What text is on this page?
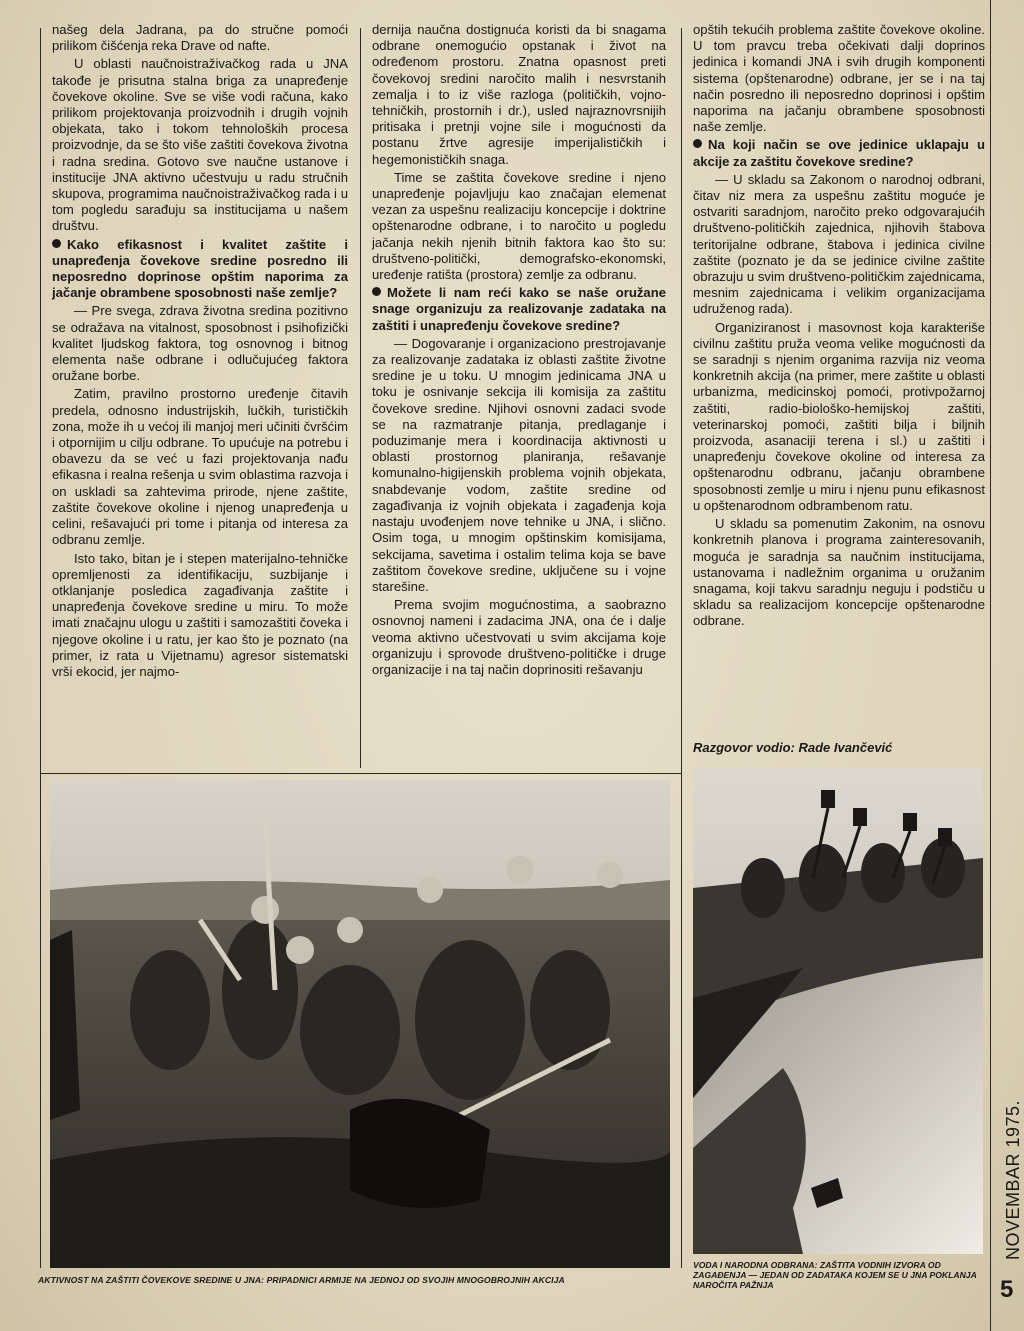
našeg dela Jadrana, pa do stručne pomoći prilikom čišćenja reka Drave od nafte.

U oblasti naučnoistraživačkog rada u JNA takođe je prisutna stalna briga za unapređenje čovekove okoline. Sve se više vodi računa, kako prilikom projektovanja proizvodnih i drugih vojnih objekata, tako i tokom tehnoloških procesa proizvodnje, da se što više zaštiti čovekova životna i radna sredina. Gotovo sve naučne ustanove i institucije JNA aktivno učestvuju u radu stručnih skupova, programima naučnoistraživačkog rada i u tom pogledu sarađuju sa institucijama u našem društvu.

Kako efikasnost i kvalitet zaštite i unapređenja čovekove sredine posredno ili neposredno doprinose opštim naporima za jačanje obrambene sposobnosti naše zemlje?

— Pre svega, zdrava životna sredina pozitivno se odražava na vitalnost, sposobnost i psihofizički kvalitet ljudskog faktora, tog osnovnog i bitnog elementa naše odbrane i odlučujućeg faktora oružane borbe.

Zatim, pravilno prostorno uređenje čitavih predela, odnosno industrijskih, lučkih, turističkih zona, može ih u većoj ili manjoj meri učiniti čvršćim i otpornijim u cilju odbrane. To upućuje na potrebu i obavezu da se već u fazi projektovanja nađu efikasna i realna rešenja u svim oblastima razvoja i on uskladi sa zahtevima prirode, njene zaštite, zaštite čovekove okoline i njenog unapređenja u celini, rešavajući pri tome i pitanja od interesa za odbranu zemlje.

Isto tako, bitan je i stepen materijalno-tehničke opremljenosti za identifikaciju, suzbijanje i otklanjanje posledica zagađivanja zaštite i unapređenja čovekove sredine u miru. To može imati značajnu ulogu u zaštiti i samozaštiti čoveka i njegove okoline i u ratu, jer kao što je poznato (na primer, iz rata u Vijetnamu) agresor sistematski vrši ekocid, jer najmo-

dernija naučna dostignuća koristi da bi snagama odbrane onemogućio opstanak i život na određenom prostoru. Znatna opasnost preti čovekovoj sredini naročito malih i nesvrstanih zemalja i to iz više razloga (političkih, vojno-tehničkih, prostornih i dr.), usled najraznovrsnijih pritisaka i pretnji vojne sile i mogućnosti da postanu žrtve agresije imperijalističkih i hegemonističkih snaga.

Time se zaštita čovekove sredine i njeno unapređenje pojavljuju kao značajan elemenat vezan za uspešnu realizaciju koncepcije i doktrine opštenarodne odbrane, i to naročito u pogledu jačanja nekih njenih bitnih faktora kao što su: društveno-politički, demografsko-ekonomski, uređenje ratišta (prostora) zemlje za odbranu.

Možete li nam reći kako se naše oružane snage organizuju za realizovanje zadataka na zaštiti i unapređenju čovekove sredine?

— Dogovaranje i organizaciono prestrojavanje za realizovanje zadataka iz oblasti zaštite životne sredine je u toku. U mnogim jedinicama JNA u toku je osnivanje sekcija ili komisija za zaštitu čovekove sredine. Njihovi osnovni zadaci svode se na razmatranje pitanja, predlaganje i poduzimanje mera i koordinacija aktivnosti u oblasti prostornog planiranja, rešavanje komunalno-higijenskih problema vojnih objekata, snabdevanje vodom, zaštite sredine od zagađivanja iz vojnih objekata i zagađenja koja nastaju uvođenjem nove tehnike u JNA, i slično. Osim toga, u mnogim opštinskim komisijama, sekcijama, savetima i ostalim telima koja se bave zaštitom čovekove sredine, uključene su i vojne starešine.

Prema svojim mogućnostima, a saobrazno osnovnoj nameni i zadacima JNA, ona će i dalje veoma aktivno učestvovati u svim akcijama koje organizuju i sprovode društveno-političke i druge organizacije i na taj način doprinositi rešavanju

opštih tekućih problema zaštite čovekove okoline. U tom pravcu treba očekivati dalji doprinos jedinica i komandi JNA i svih drugih komponenti sistema (opštenarodne) odbrane, jer se i na taj način posredno ili neposredno doprinosi i opštim naporima na jačanju obrambene sposobnosti naše zemlje.

Na koji način se ove jedinice uklapaju u akcije za zaštitu čovekove sredine?

— U skladu sa Zakonom o narodnoj odbrani, čitav niz mera za uspešnu zaštitu moguće je ostvariti saradnjom, naročito preko odgovarajućih društveno-političkih zajednica, njihovih štabova teritorijalne odbrane, štabova i jedinica civilne zaštite (poznato je da se jedinice civilne zaštite obrazuju u svim društveno-političkim zajednicama, mesnim zajednicama i velikim organizacijama udruženog rada).

Organiziranost i masovnost koja karakteriše civilnu zaštitu pruža veoma velike mogućnosti da se saradnji s njenim organima razvija niz veoma konkretnih akcija (na primer, mere zaštite u oblasti urbanizma, medicinskoj pomoći, protivpožarnoj zaštiti, radio-biološko-hemijskoj zaštiti, veterinarskoj pomoći, zaštiti bilja i biljnih proizvoda, asanaciji terena i sl.) u zaštiti i unapređenju čovekove okoline od interesa za opštenarodnu odbranu, jačanju obrambene sposobnosti zemlje u miru i njenu punu efikasnost u opštenarodnom odbrambenom ratu.

U skladu sa pomenutim Zakonim, na osnovu konkretnih planova i programa zainteresovanih, moguća je saradnja sa naučnim institucijama, ustanovama i nadležnim organima u oružanim snagama, koji takvu saradnju neguju i podstiču u skladu sa realizacijom koncepcije opštenarodne odbrane.

Razgovor vodio: Rade Ivančević
AKTIVNOST NA ZAŠTITI ČOVEKOVE SREDINE U JNA: PRIPADNICI ARMIJE NA JEDNOJ OD SVOJIH MNOGOBROJNIH AKCIJA
VODA I NARODNA ODBRANA: ZAŠTITA VODNIH IZVORA OD ZAGAĐENJA — JEDAN OD ZADATAKA KOJEM SE U JNA POKLANJA NAROČITA PAŽNJA
NOVEMBAR 1975.
5
